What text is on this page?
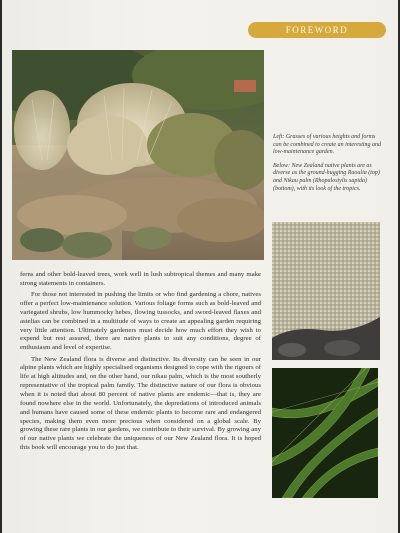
FOREWORD

Left: Grasses of various heights and forms can be combined to create an interesting and low-maintenance garden.

Below: New Zealand native plants are as diverse as the ground-hugging Raoulia (top) and Nikau palm (Rhopalostylis sapida) (bottom), with its look of the tropics.

ferns and other bold-leaved trees, work well in lush subtropical themes and many make strong statements in containers.

For those not interested in pushing the limits or who find gardening a chore, natives offer a perfect low-maintenance solution. Various foliage forms such as bold-leaved and variegated shrubs, low hummocky hebes, flowing tussocks, and sword-leaved flaxes and astelias can be combined in a multitude of ways to create an appealing garden requiring very little attention. Ultimately gardeners must decide how much effort they wish to expend but rest assured, there are native plants to suit any conditions, degree of enthusiasm and level of expertise.

The New Zealand flora is diverse and distinctive. Its diversity can be seen in our alpine plants which are highly specialised organisms designed to cope with the rigours of life at high altitudes and, on the other hand, our nikau palm, which is the most southerly representative of the tropical palm family. The distinctive nature of our flora is obvious when it is noted that about 80 percent of native plants are endemic—that is, they are found nowhere else in the world. Unfortunately, the depredations of introduced animals and humans have caused some of these endemic plants to become rare and endangered species, making them even more precious when considered on a global scale. By growing these rare plants in our gardens, we contribute to their survival. By growing any of our native plants we celebrate the uniqueness of our New Zealand flora. It is hoped this book will encourage you to do just that.
